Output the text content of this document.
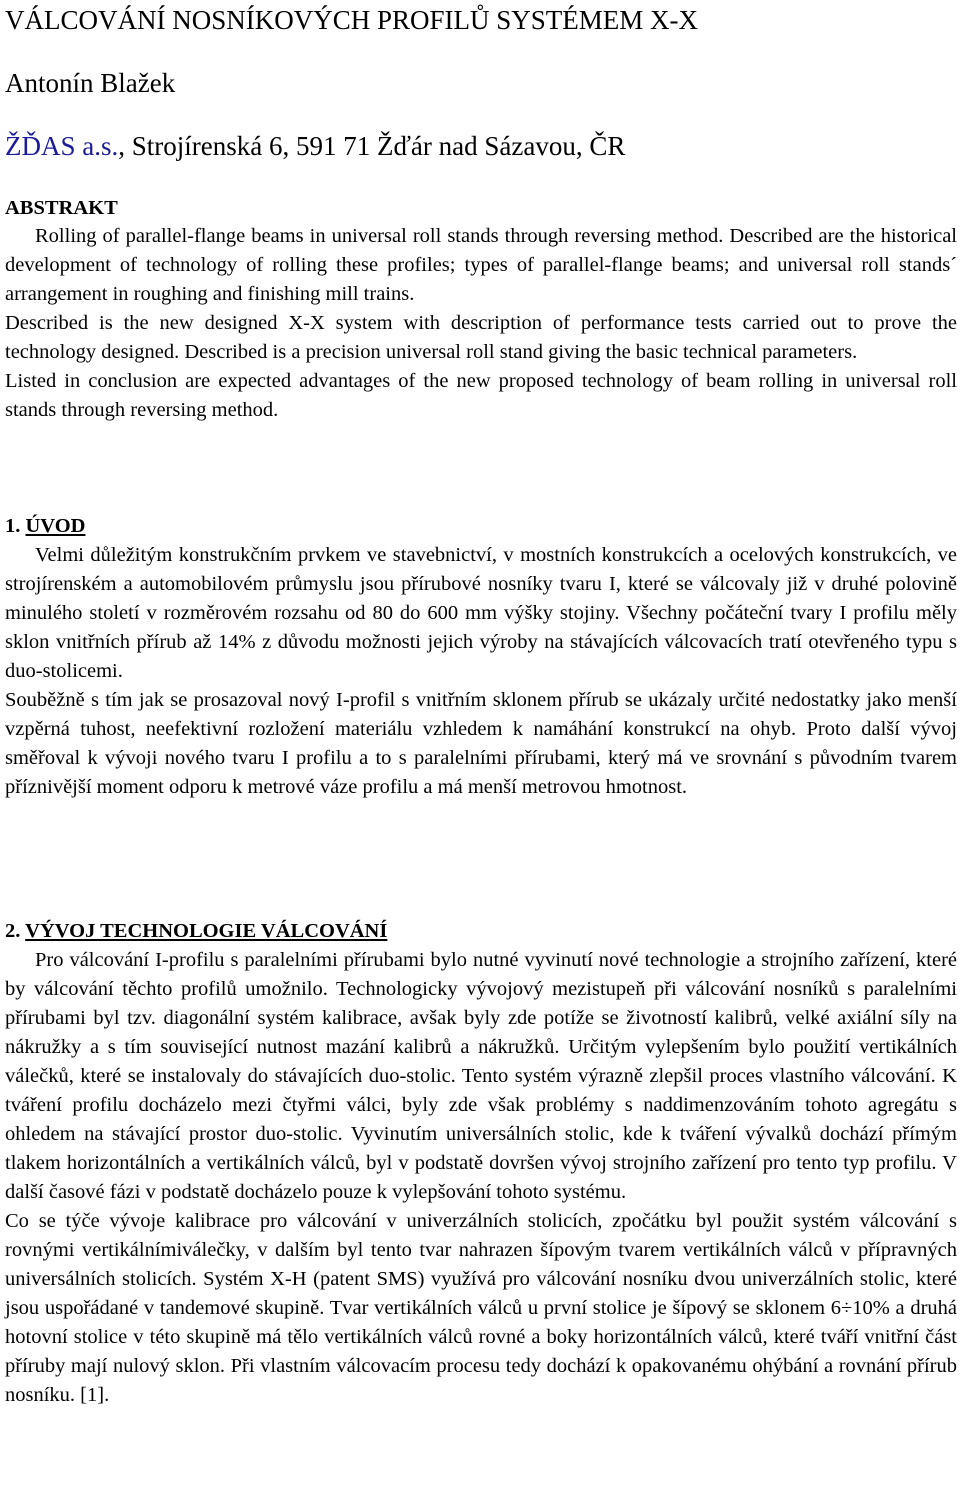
VÁLCOVÁNÍ NOSNÍKOVÝCH PROFILŮ SYSTÉMEM X-X
Antonín Blažek
ŽĎAS a.s., Strojírenská 6, 591 71 Žďár nad Sázavou, ČR
ABSTRAKT

Rolling of parallel-flange beams in universal roll stands through reversing method. Described are the historical development of technology of rolling these profiles; types of parallel-flange beams; and universal roll stands´ arrangement in roughing and finishing mill trains.

Described is the new designed X-X system with description of performance tests carried out to prove the technology designed. Described is a precision universal roll stand giving the basic technical parameters.

Listed in conclusion are expected advantages of the new proposed technology of beam rolling in universal roll stands through reversing method.

1. ÚVOD

Velmi důležitým konstrukčním prvkem ve stavebnictví, v mostních konstrukcích a ocelových konstrukcích, ve strojírenském a automobilovém průmyslu jsou přírubové nosníky tvaru I, které se válcovaly již v druhé polovině minulého století v rozměrovém rozsahu od 80 do 600 mm výšky stojiny. Všechny počáteční tvary I profilu měly sklon vnitřních přírub až 14% z důvodu možnosti jejich výroby na stávajících válcovacích tratí otevřeného typu s duo-stolicemi.

Souběžně s tím jak se prosazoval nový I-profil s vnitřním sklonem přírub se ukázaly určité nedostatky jako menší vzpěrná tuhost, neefektivní rozložení materiálu vzhledem k namáhání konstrukcí na ohyb. Proto další vývoj směřoval k vývoji nového tvaru I profilu a to s paralelními přírubami, který má ve srovnání s původním tvarem příznivější moment odporu k metrové váze profilu a má menší metrovou hmotnost.

2. VÝVOJ TECHNOLOGIE VÁLCOVÁNÍ

Pro válcování I-profilu s paralelními přírubami bylo nutné vyvinutí nové technologie a strojního zařízení, které by válcování těchto profilů umožnilo. Technologicky vývojový mezistupeň při válcování nosníků s paralelními přírubami byl tzv. diagonální systém kalibrace, avšak byly zde potíže se životností kalibrů, velké axiální síly na nákružky a s tím související nutnost mazání kalibrů a nákružků. Určitým vylepšením bylo použití vertikálních válečků, které se instalovaly do stávajících duo-stolic. Tento systém výrazně zlepšil proces vlastního válcování. K tváření profilu docházelo mezi čtyřmi válci, byly zde však problémy s naddimenzováním tohoto agregátu s ohledem na stávající prostor duo-stolic. Vyvinutím universálních stolic, kde k tváření vývalků dochází přímým tlakem horizontálních a vertikálních válců, byl v podstatě dovršen vývoj strojního zařízení pro tento typ profilu. V další časové fázi v podstatě docházelo pouze k vylepšování tohoto systému.

Co se týče vývoje kalibrace pro válcování v univerzálních stolicích, zpočátku byl použit systém válcování s rovnými vertikálnímiválečky, v dalším byl tento tvar nahrazen šípovým tvarem vertikálních válců v přípravných universálních stolicích. Systém X-H (patent SMS) využívá pro válcování nosníku dvou univerzálních stolic, které jsou uspořádané v tandemové skupině. Tvar vertikálních válců u první stolice je šípový se sklonem 6÷10% a druhá hotovní stolice v této skupině má tělo vertikálních válců rovné a boky horizontálních válců, které tváří vnitřní část příruby mají nulový sklon. Při vlastním válcovacím procesu tedy dochází k opakovanému ohýbání a rovnání přírub nosníku. [1].
